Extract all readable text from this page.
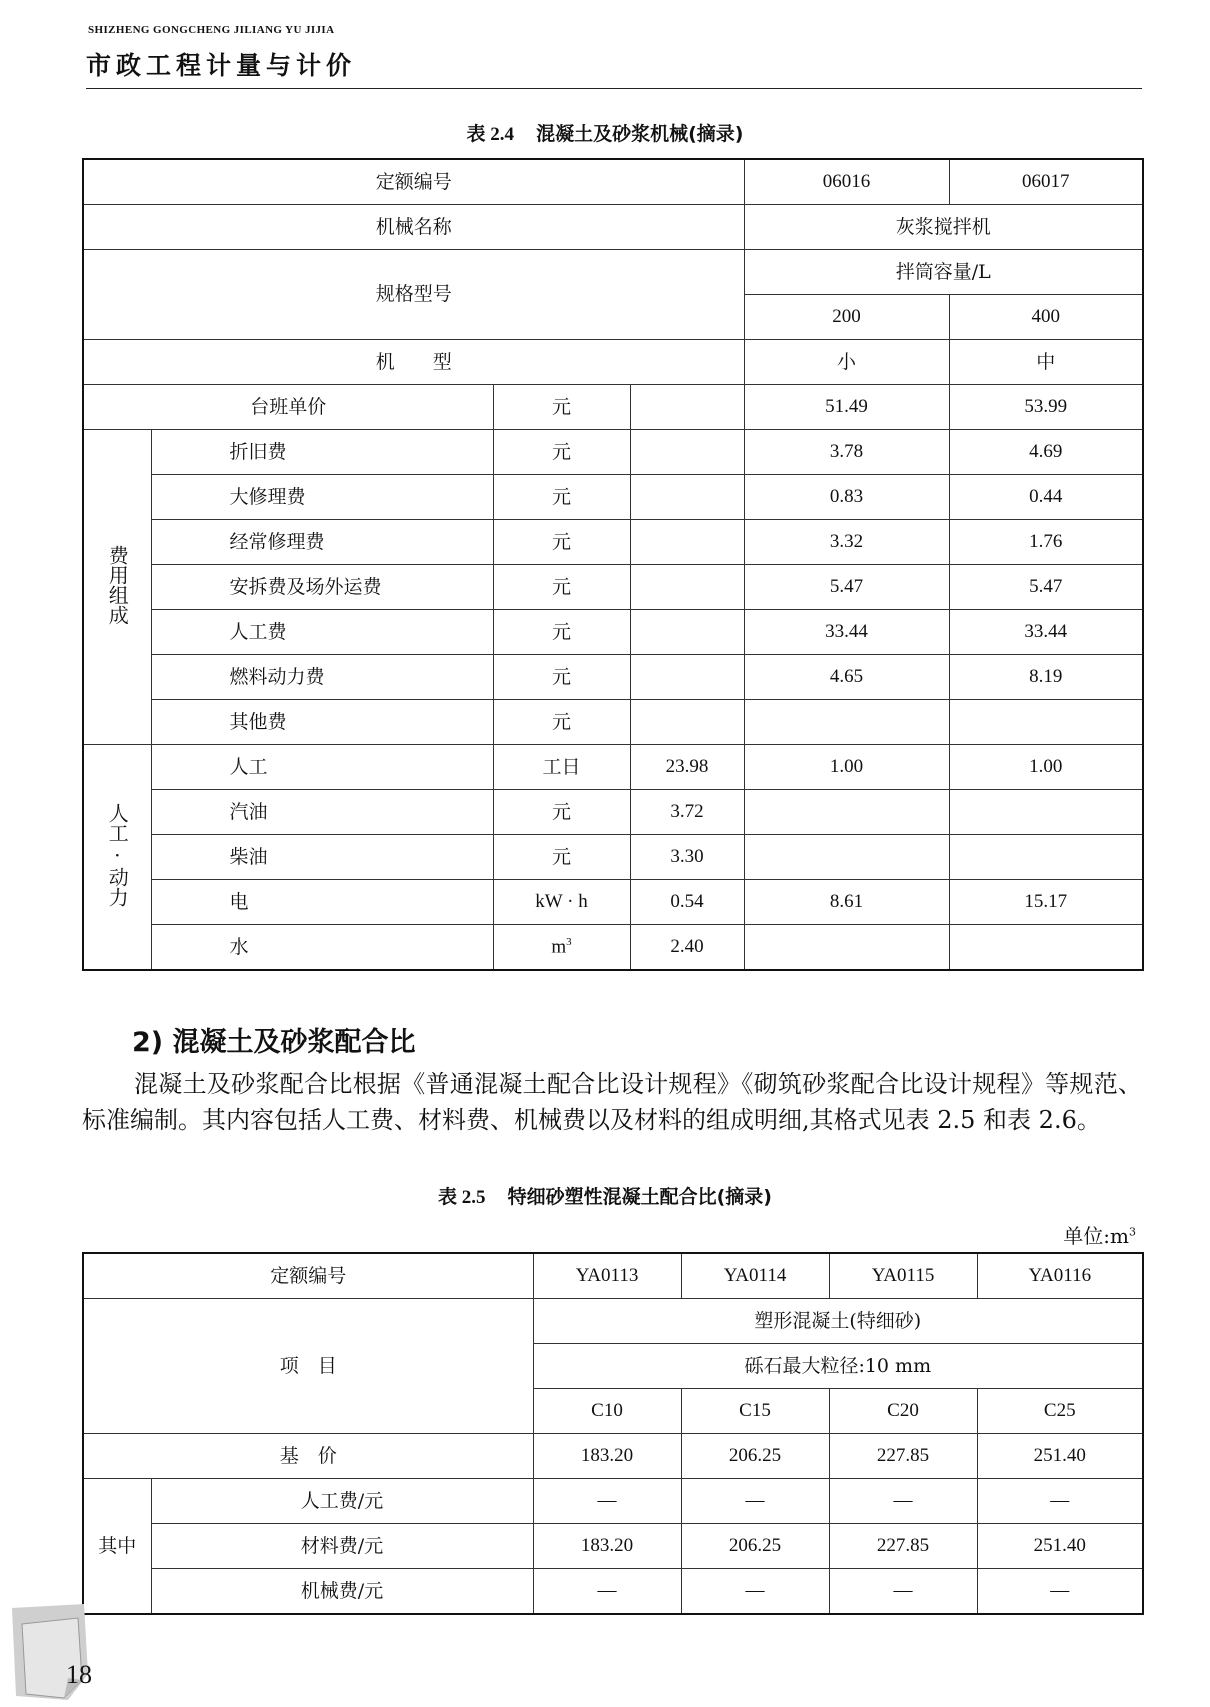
SHIZHENG GONGCHENG JILIANG YU JIJIA
市政工程计量与计价
表 2.4 混凝土及砂浆机械(摘录)
定额编号				06016	06017
机械名称				灰浆搅拌机	
规格型号				拌筒容量/L	
				200	400
机　　型				小	中
台班单价		元		51.49	53.99
费用组成	折旧费	元		3.78	4.69
	大修理费	元		0.83	0.44
	经常修理费	元		3.32	1.76
	安拆费及场外运费	元		5.47	5.47
	人工费	元		33.44	33.44
	燃料动力费	元		4.65	8.19
	其他费	元			
人工·动力	人工	工日	23.98	1.00	1.00
	汽油	元	3.72		
	柴油	元	3.30		
	电	kW · h	0.54	8.61	15.17
	水	$m^3$	2.40		
2) 混凝土及砂浆配合比
混凝土及砂浆配合比根据《普通混凝土配合比设计规程》《砌筑砂浆配合比设计规程》等规范、标准编制。其内容包括人工费、材料费、机械费以及材料的组成明细,其格式见表 2.5 和表 2.6。
表 2.5 特细砂塑性混凝土配合比(摘录)
单位$:m^3$
定额编号		YA0113	YA0114	YA0115	YA0116
项　目		塑形混凝土(特细砂)			
		砾石最大粒径:10 mm			
		C10	C15	C20	C25
基　价		183.20	206.25	227.85	251.40
其中	人工费/元	—	—	—	—
	材料费/元	183.20	206.25	227.85	251.40
	机械费/元	—	—	—	—
18
